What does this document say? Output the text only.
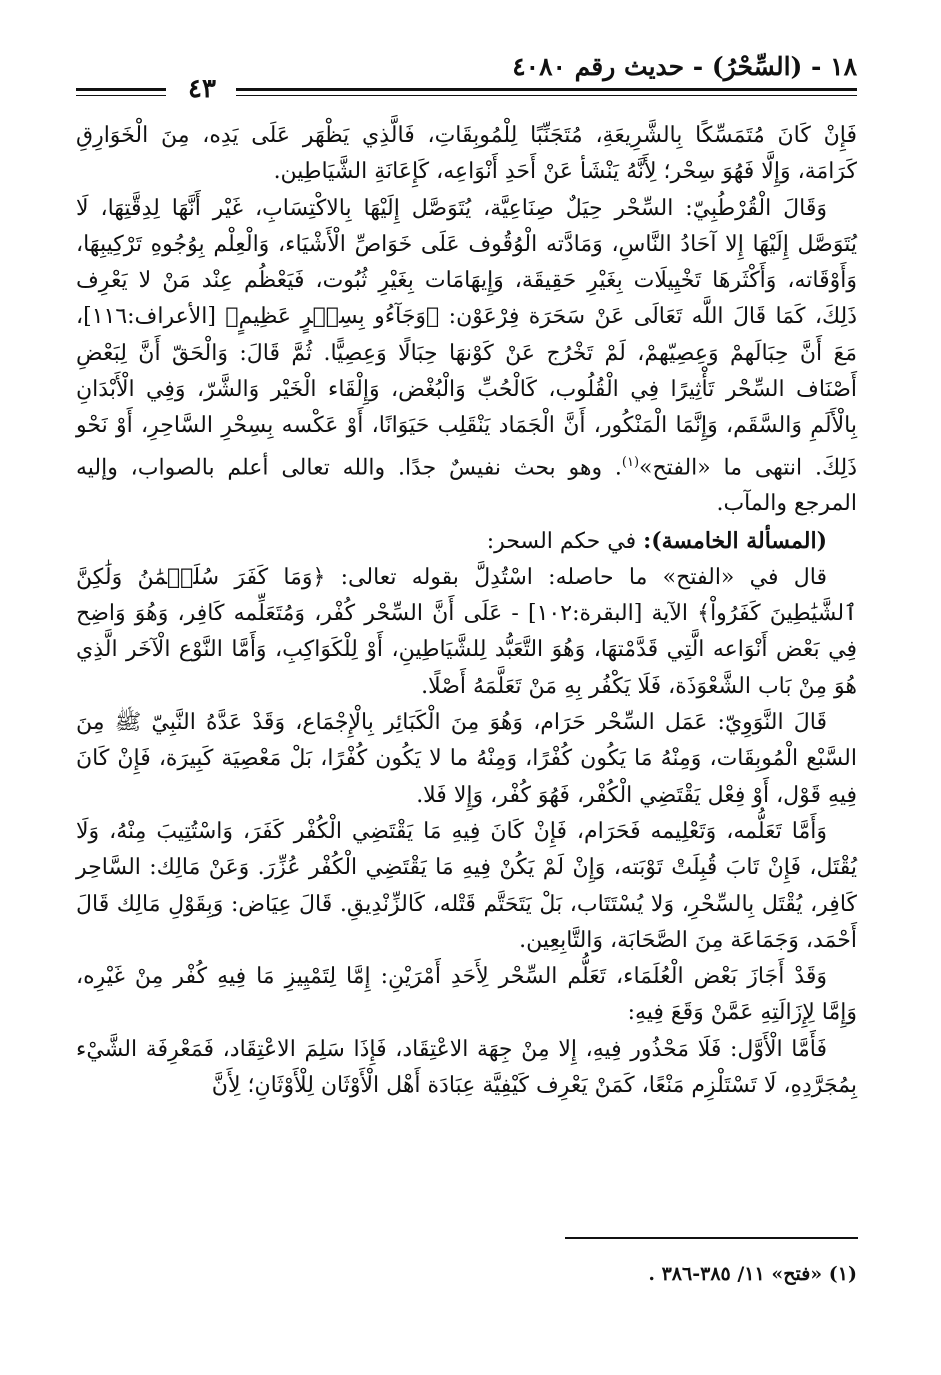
١٨ - (السِّحْرُ) - حديث رقم ٤٠٨٠
٤٣

فَإِنْ كَانَ مُتَمَسِّكًا بِالشَّرِيعَةِ، مُتَجَنِّبًا لِلْمُوبِقَاتِ، فَالَّذِي يَظْهَر عَلَى يَدِه، مِنَ الْخَوَارِقِ كَرَامَة، وَإِلَّا فَهُوَ سِحْر؛ لِأَنَّهُ يَنْشَأ عَنْ أَحَدِ أَنْوَاعِه، كَإِعَانَةِ الشَّيَاطِين.

وَقَالَ الْقُرْطُبِيّ: السِّحْر حِيَلٌ صِنَاعِيَّة، يُتَوَصَّل إِلَيْهَا بِالاكْتِسَابِ، غَيْر أَنَّهَا لِدِقَّتِهَا، لَا يُتَوَصَّل إِلَيْهَا إِلا آحَادُ النَّاسِ، وَمَادَّته الْوُقُوف عَلَى خَوَاصِّ الْأَشْيَاء، وَالْعِلْم بِوُجُوهِ تَرْكِيبِهَا، وَأَوْقَاته، وَأَكْثَرهَا تَخْيِيلَات بِغَيْرِ حَقِيقَة، وَإِيهَامَات بِغَيْرِ ثُبُوت، فَيَعْظُم عِنْد مَنْ لا يَعْرِف ذَلِكَ، كَمَا قَالَ اللَّه تَعَالَى عَنْ سَحَرَة فِرْعَوْن: ﴿وَجَآءُو بِسِحۡرٍ عَظِيمٍ﴾ [الأعراف:١١٦]، مَعَ أَنَّ حِبَالَهمْ وَعِصِيّهمْ، لَمْ تَخْرُج عَنْ كَوْنهَا حِبَالًا وَعِصِيًّا. ثُمَّ قَالَ: وَالْحَقّ أَنَّ لِبَعْضِ أَصْنَاف السِّحْر تَأْثِيرًا فِي الْقُلُوب، كَالْحُبِّ وَالْبُغْض، وَإِلْقَاء الْخَيْر وَالشَّرّ، وَفِي الْأَبْدَانِ بِالْأَلَمِ وَالسَّقَم، وَإِنَّمَا الْمَنْكُور، أَنَّ الْجَمَاد يَنْقَلِب حَيَوَانًا، أَوْ عَكْسه بِسِحْرِ السَّاحِرِ، أَوْ نَحْو ذَلِكَ. انتهى ما «الفتح»$^{(١)}$. وهو بحث نفيسٌ جدًا. والله تعالى أعلم بالصواب، وإليه المرجع والمآب.

(المسألة الخامسة): في حكم السحر:

قال في «الفتح» ما حاصله: اسْتُدِلَّ بقوله تعالى: ﴿وَمَا كَفَرَ سُلَيۡمَٰنُ وَلَٰكِنَّ ٱلشَّيَٰطِينَ كَفَرُواْ﴾ الآية [البقرة:١٠٢] - عَلَى أَنَّ السِّحْر كُفْر، وَمُتَعَلِّمه كَافِر، وَهُوَ وَاضِح فِي بَعْض أَنْوَاعه الَّتِي قَدَّمْتهَا، وَهُوَ التَّعَبُّد لِلشَّيَاطِينِ، أَوْ لِلْكَوَاكِبِ، وَأَمَّا النَّوْع الْآخَر الَّذِي هُوَ مِنْ بَاب الشَّعْوَذَة، فَلَا يَكْفُر بِهِ مَنْ تَعَلَّمَهُ أَصْلًا.

قَالَ النَّوَوِيّ: عَمَل السِّحْر حَرَام، وَهُوَ مِنَ الْكَبَائِر بِالْإِجْمَاع، وَقَدْ عَدَّهُ النَّبِيّ ﷺ مِنَ السَّبْع الْمُوبِقَات، وَمِنْهُ مَا يَكُون كُفْرًا، وَمِنْهُ ما لا يَكُون كُفْرًا، بَلْ مَعْصِيَة كَبِيرَة، فَإِنْ كَانَ فِيهِ قَوْل، أَوْ فِعْل يَقْتَضِي الْكُفْر، فَهُوَ كُفْر، وَإِلا فَلا.

وَأَمَّا تَعَلُّمه، وَتَعْلِيمه فَحَرَام، فَإِنْ كَانَ فِيهِ مَا يَقْتَضِي الْكُفْر كَفَرَ، وَاسْتُتِيبَ مِنْهُ، وَلَا يُقْتَل، فَإِنْ تَابَ قُبِلَتْ تَوْبَته، وَإِنْ لَمْ يَكُنْ فِيهِ مَا يَقْتَضِي الْكُفْر عُزِّرَ. وَعَنْ مَالِك: السَّاحِر كَافِر، يُقْتَل بِالسِّحْرِ، وَلا يُسْتَتَاب، بَلْ يَتَحَتَّم قَتْله، كَالزِّنْدِيقِ. قَالَ عِيَاض: وَبِقَوْلِ مَالِك قَالَ أَحْمَد، وَجَمَاعَة مِنَ الصَّحَابَة، وَالتَّابِعِين.

وَقَدْ أَجَازَ بَعْض الْعُلَمَاء، تَعَلُّم السِّحْر لِأَحَدِ أَمْرَيْنِ: إِمَّا لِتَمْيِيزِ مَا فِيهِ كُفْر مِنْ غَيْرِه، وَإِمَّا لِإِزَالَتِهِ عَمَّنْ وَقَعَ فِيهِ:

فَأَمَّا الْأَوَّل: فَلَا مَحْذُور فِيهِ، إِلا مِنْ جِهَة الاعْتِقَاد، فَإِذَا سَلِمَ الاعْتِقَاد، فَمَعْرِفَة الشَّيْء بِمُجَرَّدِهِ، لَا تَسْتَلْزِم مَنْعًا، كَمَنْ يَعْرِف كَيْفِيَّة عِبَادَة أَهْل الْأَوْثَان لِلْأَوْثَانِ؛ لِأَنَّ

(١) «فتح» ١١/ ٣٨٥-٣٨٦ .
